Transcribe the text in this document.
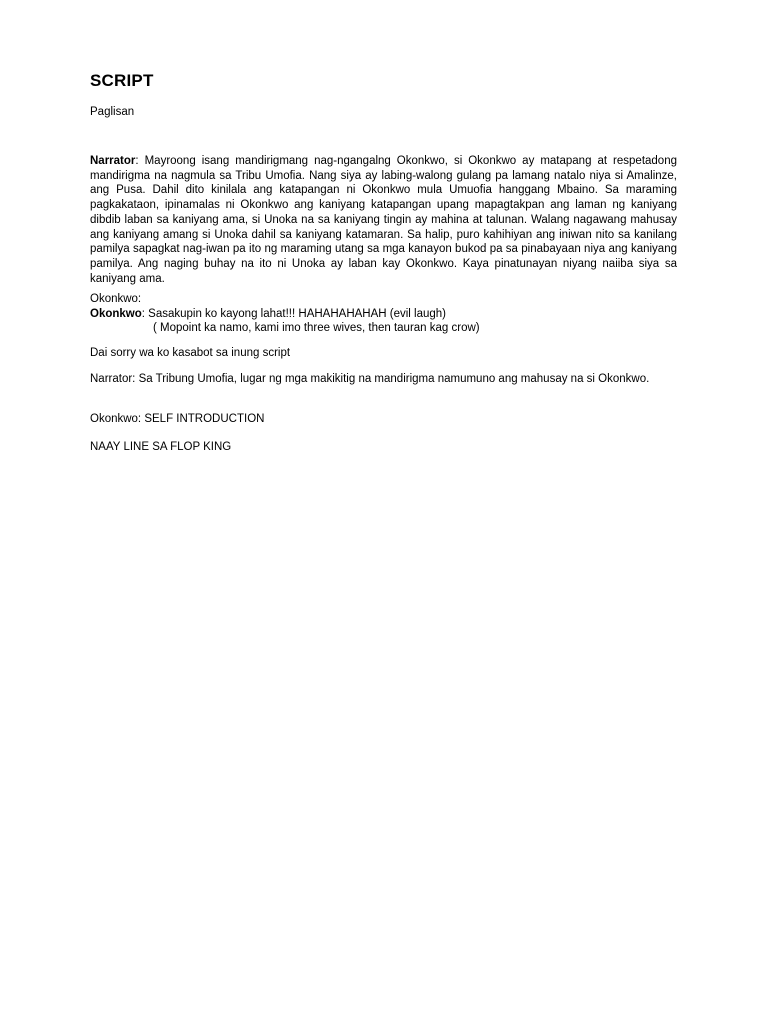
SCRIPT
Paglisan
Narrator: Mayroong isang mandirigmang nag-ngangalng Okonkwo, si Okonkwo ay matapang at respetadong mandirigma na nagmula sa Tribu Umofia. Nang siya ay labing-walong gulang pa lamang natalo niya si Amalinze, ang Pusa. Dahil dito kinilala ang katapangan ni Okonkwo mula Umuofia hanggang Mbaino. Sa maraming pagkakataon, ipinamalas ni Okonkwo ang kaniyang katapangan upang mapagtakpan ang laman ng kaniyang dibdib laban sa kaniyang ama, si Unoka na sa kaniyang tingin ay mahina at talunan. Walang nagawang mahusay ang kaniyang amang si Unoka dahil sa kaniyang katamaran. Sa halip, puro kahihiyan ang iniwan nito sa kanilang pamilya sapagkat nag-iwan pa ito ng maraming utang sa mga kanayon bukod pa sa pinabayaan niya ang kaniyang pamilya. Ang naging buhay na ito ni Unoka ay laban kay Okonkwo. Kaya pinatunayan niyang naiiba siya sa kaniyang ama.
Okonkwo:
Okonkwo: Sasakupin ko kayong lahat!!! HAHAHAHAHAH (evil laugh)
( Mopoint ka namo, kami imo three wives, then tauran kag crow)
Dai sorry wa ko kasabot sa inung script
Narrator: Sa Tribung Umofia, lugar ng mga makikitig na mandirigma namumuno ang mahusay na si Okonkwo.
Okonkwo: SELF INTRODUCTION
NAAY LINE SA FLOP KING
